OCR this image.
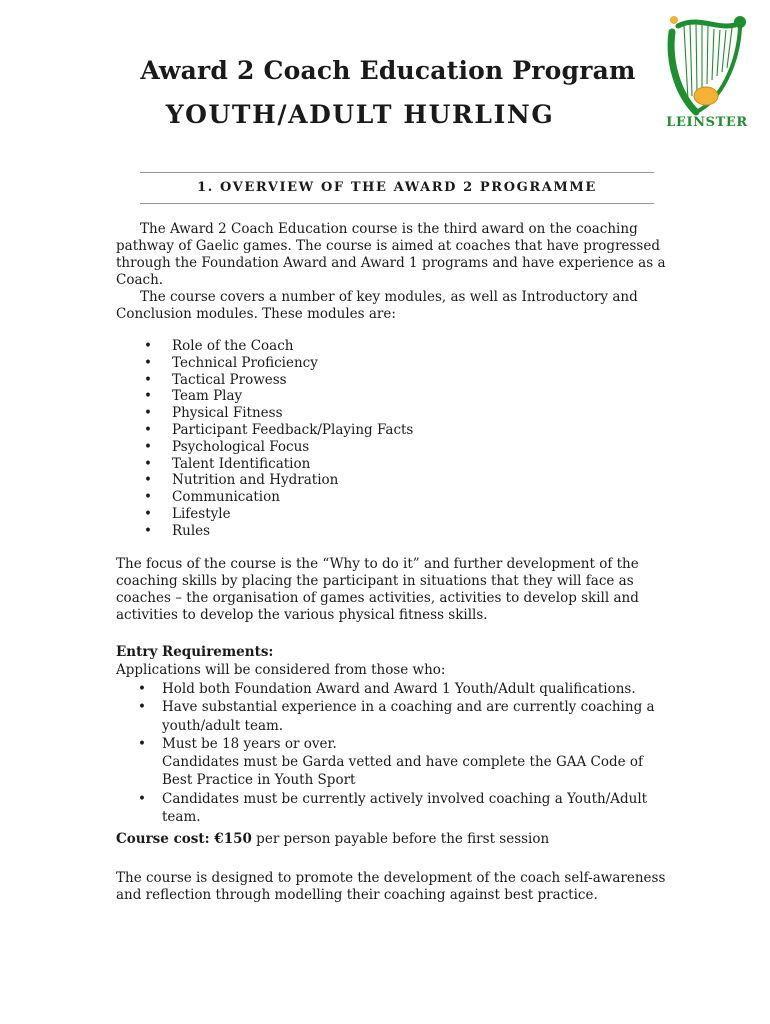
Award 2 Coach Education Program
YOUTH/ADULT HURLING	LEINSTER
1. OVERVIEW OF THE AWARD 2 PROGRAMME
The Award 2 Coach Education course is the third award on the coaching pathway of Gaelic games. The course is aimed at coaches that have progressed through the Foundation Award and Award 1 programs and have experience as a Coach.
The course covers a number of key modules, as well as Introductory and Conclusion modules. These modules are:
• Role of the Coach
• Technical Proficiency
• Tactical Prowess
• Team Play
• Physical Fitness
• Participant Feedback/Playing Facts
• Psychological Focus
• Talent Identification
• Nutrition and Hydration
• Communication
• Lifestyle
• Rules
The focus of the course is the “Why to do it” and further development of the coaching skills by placing the participant in situations that they will face as coaches – the organisation of games activities, activities to develop skill and activities to develop the various physical fitness skills.
Entry Requirements:
Applications will be considered from those who:
• Hold both Foundation Award and Award 1 Youth/Adult qualifications.
• Have substantial experience in a coaching and are currently coaching a youth/adult team.
• Must be 18 years or over.
Candidates must be Garda vetted and have complete the GAA Code of Best Practice in Youth Sport
• Candidates must be currently actively involved coaching a Youth/Adult team.
Course cost: €150 per person payable before the first session
The course is designed to promote the development of the coach self-awareness and reflection through modelling their coaching against best practice.
